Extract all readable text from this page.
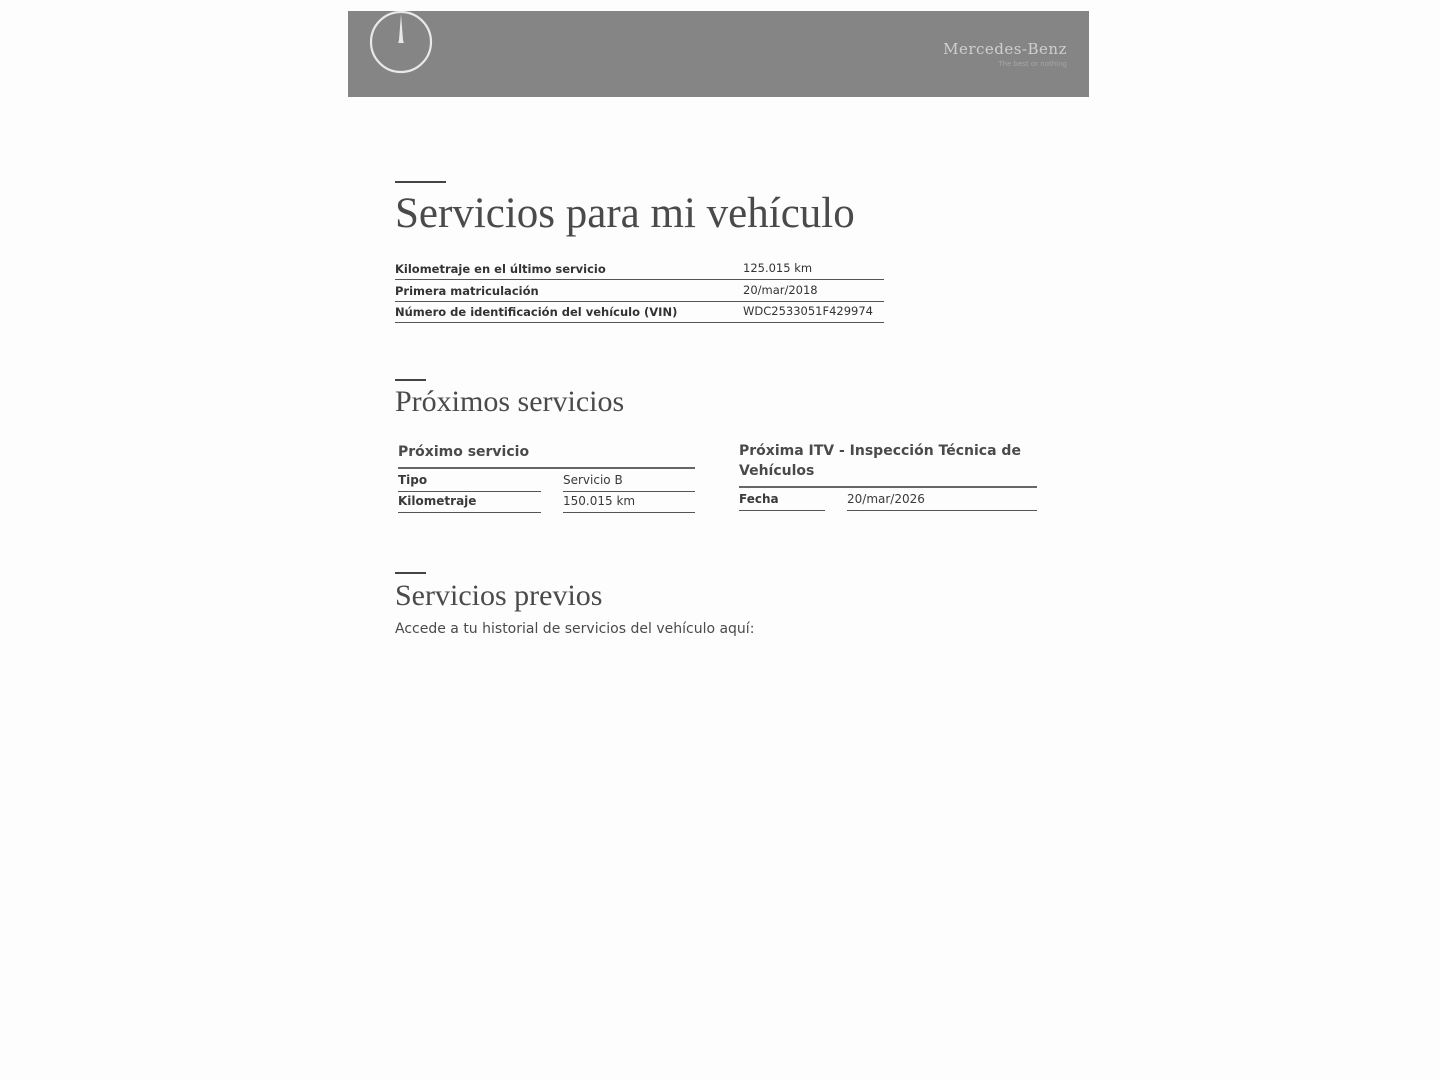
Mercedes-Benz
The best or nothing
Servicios para mi vehículo
Kilometraje en el último servicio	125.015 km
Primera matriculación	20/mar/2018
Número de identificación del vehículo (VIN)	WDC2533051F429974
Próximos servicios
Próximo servicio
Tipo	Servicio B
Kilometraje	150.015 km
Próxima ITV - Inspección Técnica de Vehículos
Fecha	20/mar/2026
Servicios previos
Accede a tu historial de servicios del vehículo aquí:
